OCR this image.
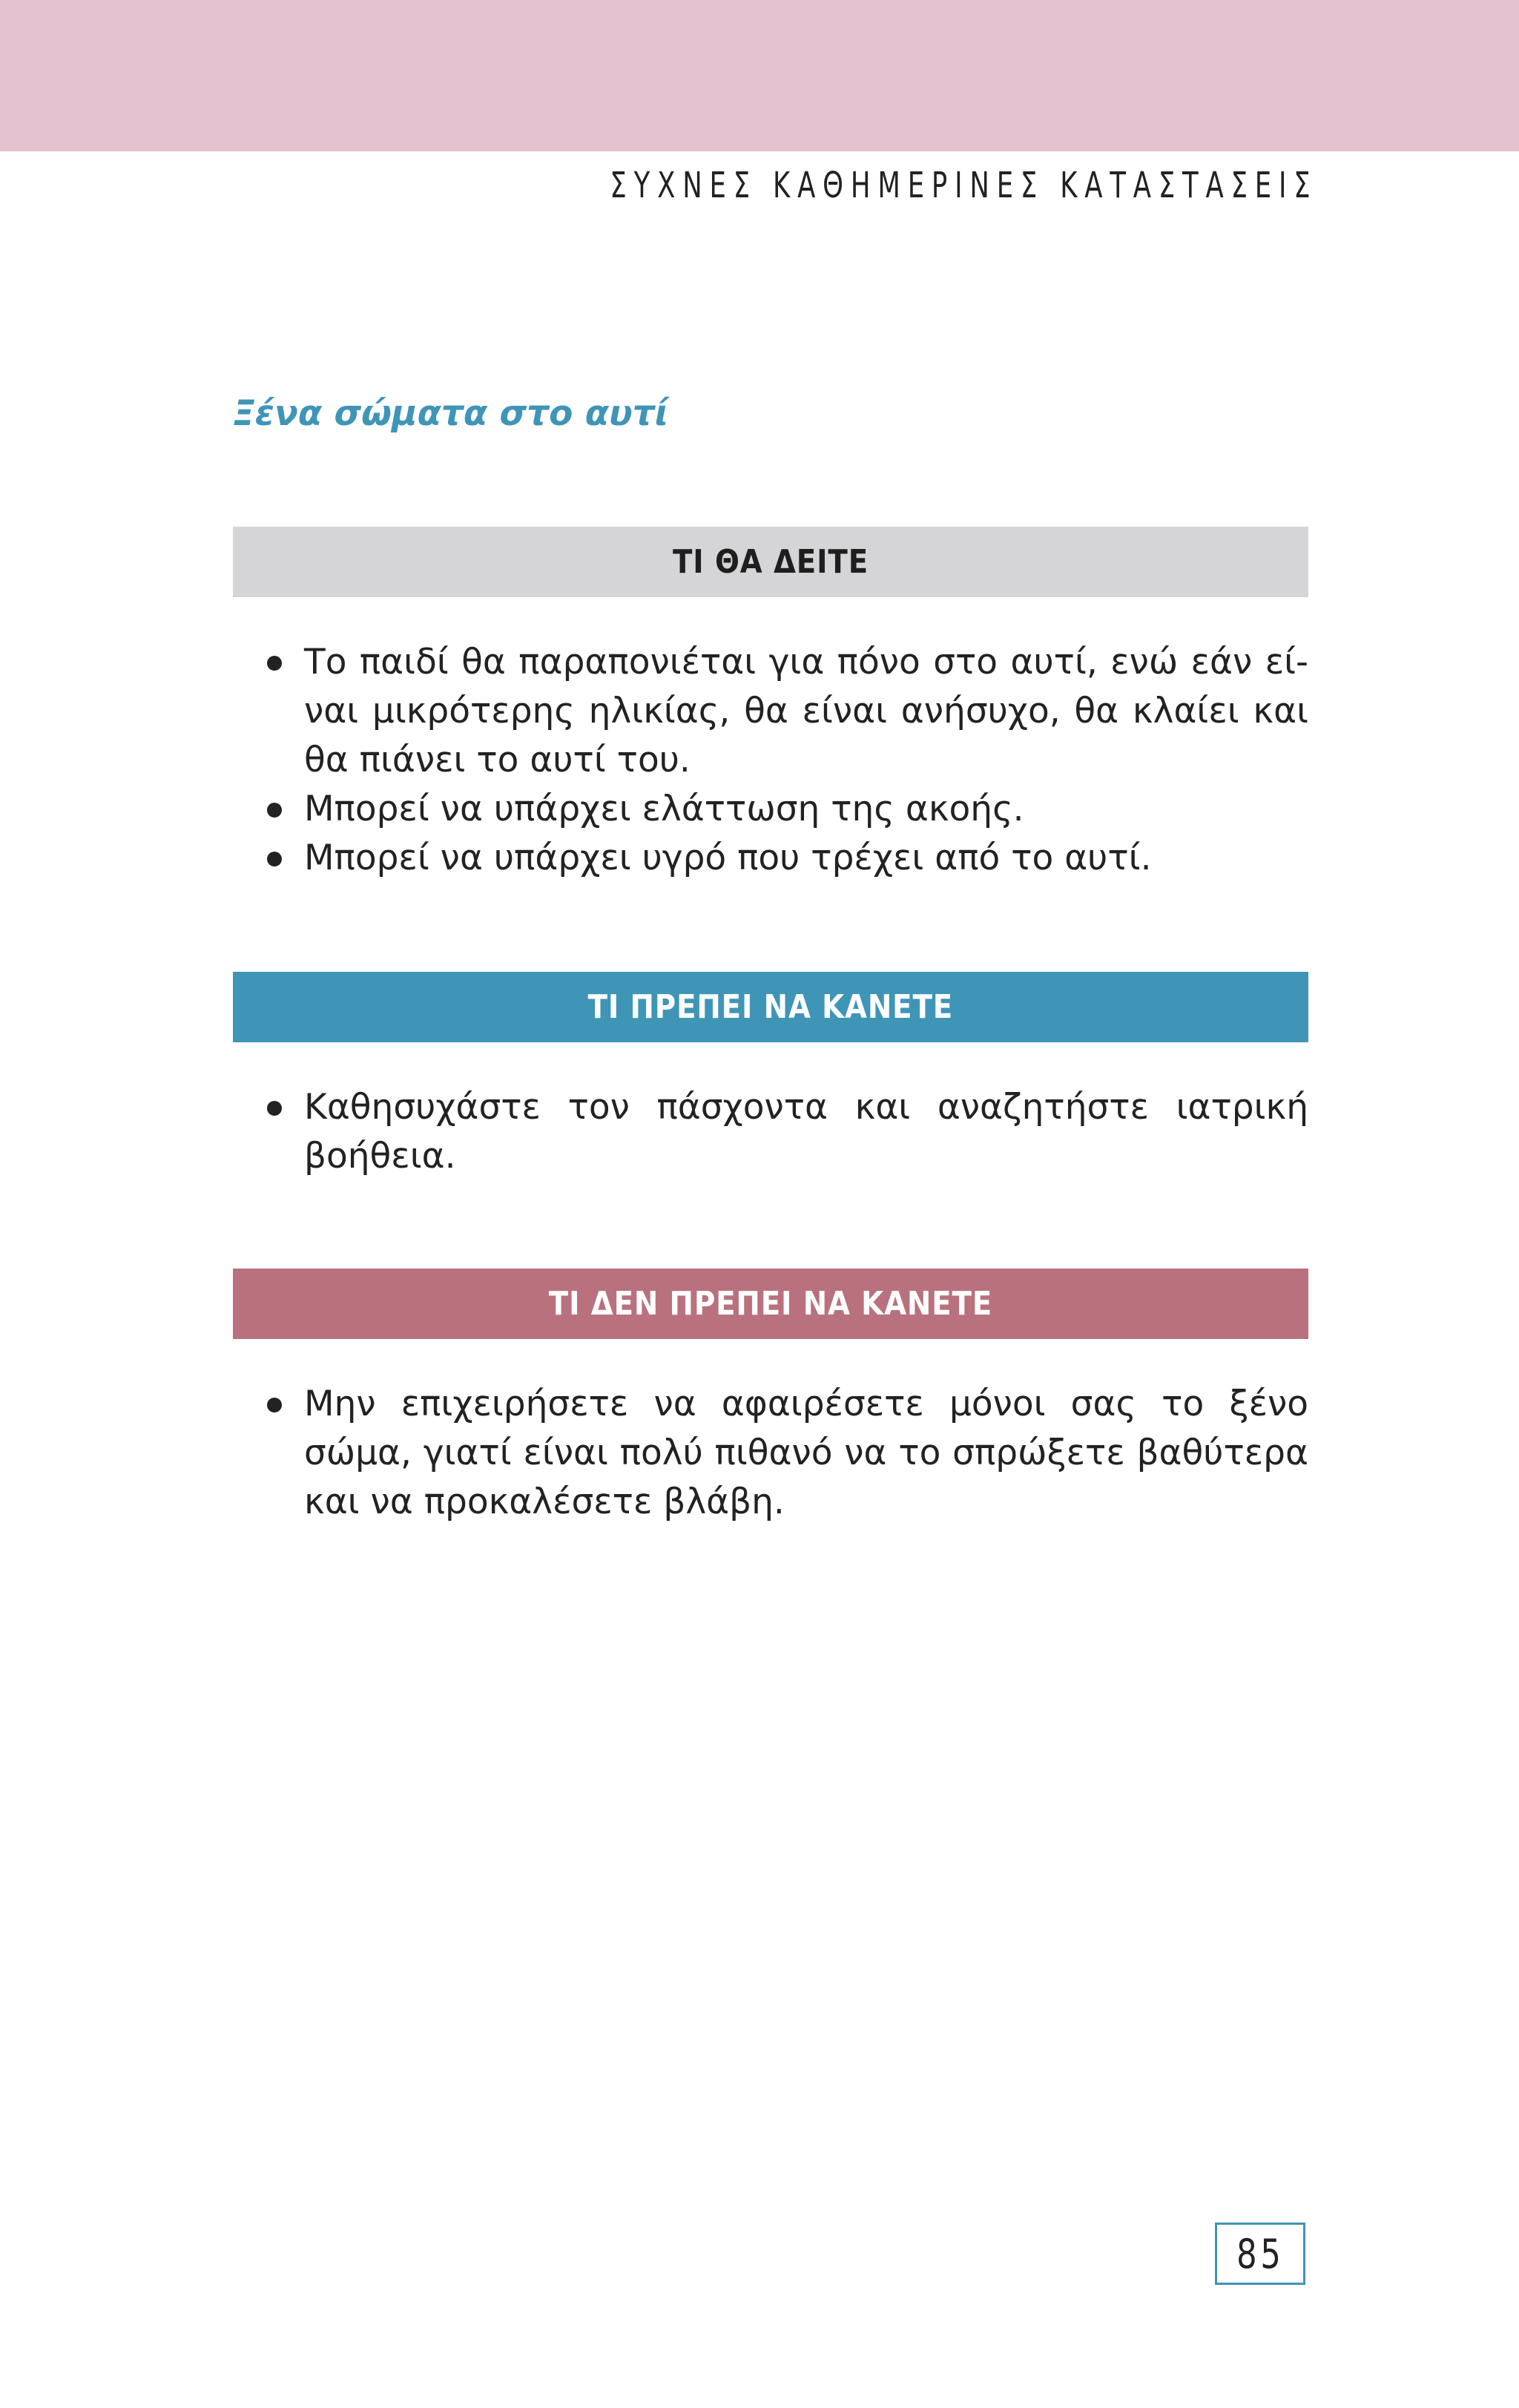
ΣΥΧΝΕΣ ΚΑΘΗΜΕΡΙΝΕΣ ΚΑΤΑΣΤΑΣΕΙΣ
Ξένα σώματα στο αυτί
ΤΙ ΘΑ ΔΕΙΤΕ
Το παιδί θα παραπονιέται για πόνο στο αυτί, ενώ εάν είναι μικρότερης ηλικίας, θα είναι ανήσυχο, θα κλαίει και θα πιάνει το αυτί του.
Μπορεί να υπάρχει ελάττωση της ακοής.
Μπορεί να υπάρχει υγρό που τρέχει από το αυτί.
ΤΙ ΠΡΕΠΕΙ ΝΑ ΚΑΝΕΤΕ
Καθησυχάστε τον πάσχοντα και αναζητήστε ιατρική βοήθεια.
ΤΙ ΔΕΝ ΠΡΕΠΕΙ ΝΑ ΚΑΝΕΤΕ
Μην επιχειρήσετε να αφαιρέσετε μόνοι σας το ξένο σώμα, γιατί είναι πολύ πιθανό να το σπρώξετε βαθύτερα και να προκαλέσετε βλάβη.
85
